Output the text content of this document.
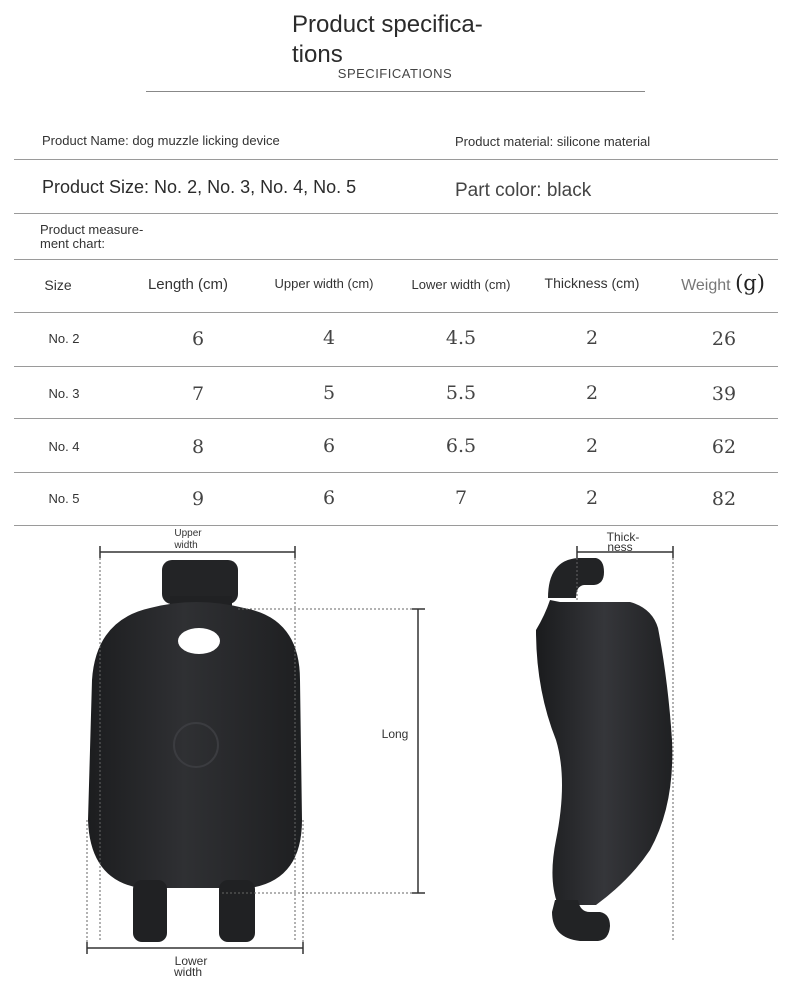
Product specifica-
tions
SPECIFICATIONS
Product Name: dog muzzle licking device	Product material: silicone material
Product Size: No. 2, No. 3, No. 4, No. 5	Part color: black
Product measure-
ment chart:
Size	Length (cm)	Upper width (cm)	Lower width (cm)	Thickness (cm)	Weight (g)
No. 2	6	4	4.5	2	26
No. 3	7	5	5.5	2	39
No. 4	8	6	6.5	2	62
No. 5	9	6	7	2	82
Upper
width
Long
Lower
width
Thick-
ness
